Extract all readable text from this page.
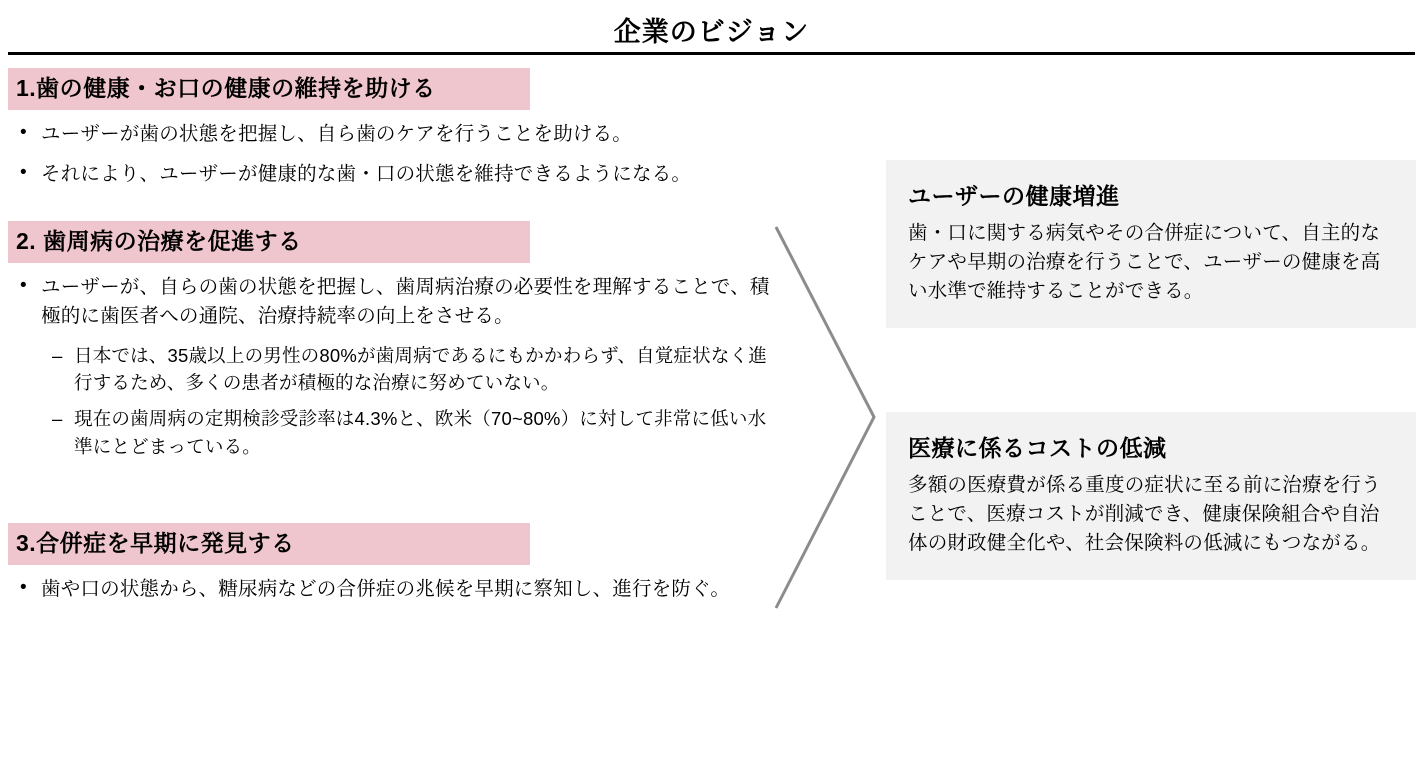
企業のビジョン
1.歯の健康・お口の健康の維持を助ける
• ユーザーが歯の状態を把握し、自ら歯のケアを行うことを助ける。
• それにより、ユーザーが健康的な歯・口の状態を維持できるようになる。
2. 歯周病の治療を促進する
• ユーザーが、自らの歯の状態を把握し、歯周病治療の必要性を理解することで、積極的に歯医者への通院、治療持続率の向上をさせる。
– 日本では、35歳以上の男性の80%が歯周病であるにもかかわらず、自覚症状なく進行するため、多くの患者が積極的な治療に努めていない。
– 現在の歯周病の定期検診受診率は4.3%と、欧米（70~80%）に対して非常に低い水準にとどまっている。
3.合併症を早期に発見する
• 歯や口の状態から、糖尿病などの合併症の兆候を早期に察知し、進行を防ぐ。
ユーザーの健康増進
歯・口に関する病気やその合併症について、自主的なケアや早期の治療を行うことで、ユーザーの健康を高い水準で維持することができる。
医療に係るコストの低減
多額の医療費が係る重度の症状に至る前に治療を行うことで、医療コストが削減でき、健康保険組合や自治体の財政健全化や、社会保険料の低減にもつながる。
